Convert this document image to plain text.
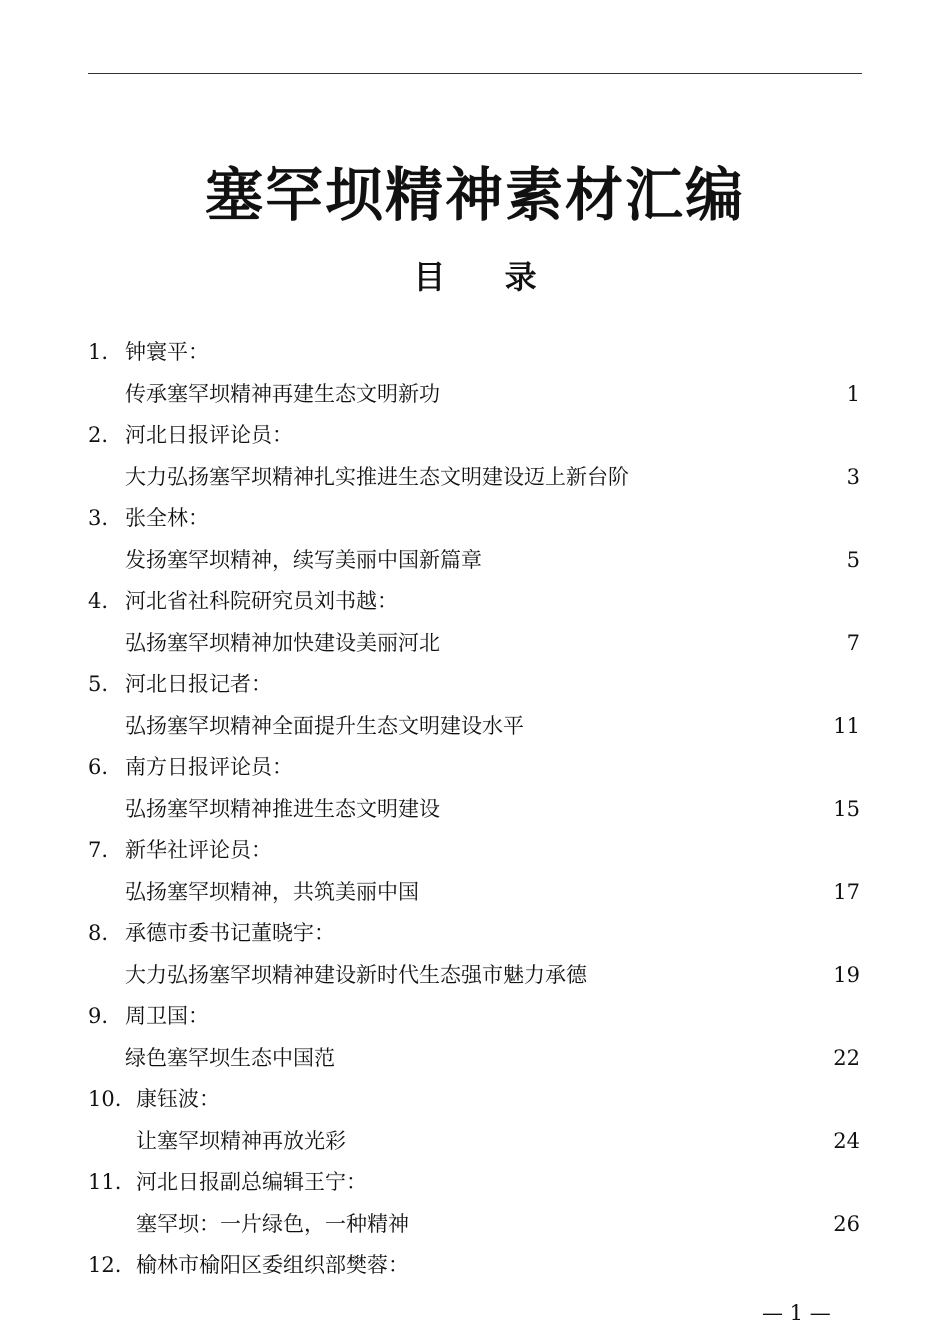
塞罕坝精神素材汇编
目 录
1. 钟寰平：
传承塞罕坝精神再建生态文明新功	1
2. 河北日报评论员：
大力弘扬塞罕坝精神扎实推进生态文明建设迈上新台阶	3
3. 张全林：
发扬塞罕坝精神，续写美丽中国新篇章	5
4. 河北省社科院研究员刘书越：
弘扬塞罕坝精神加快建设美丽河北	7
5. 河北日报记者：
弘扬塞罕坝精神全面提升生态文明建设水平	11
6. 南方日报评论员：
弘扬塞罕坝精神推进生态文明建设	15
7. 新华社评论员：
弘扬塞罕坝精神，共筑美丽中国	17
8. 承德市委书记董晓宇：
大力弘扬塞罕坝精神建设新时代生态强市魅力承德	19
9. 周卫国：
绿色塞罕坝生态中国范	22
10. 康钰波：
让塞罕坝精神再放光彩	24
11. 河北日报副总编辑王宁：
塞罕坝：一片绿色，一种精神	26
12. 榆林市榆阳区委组织部樊蓉：
— 1 —
